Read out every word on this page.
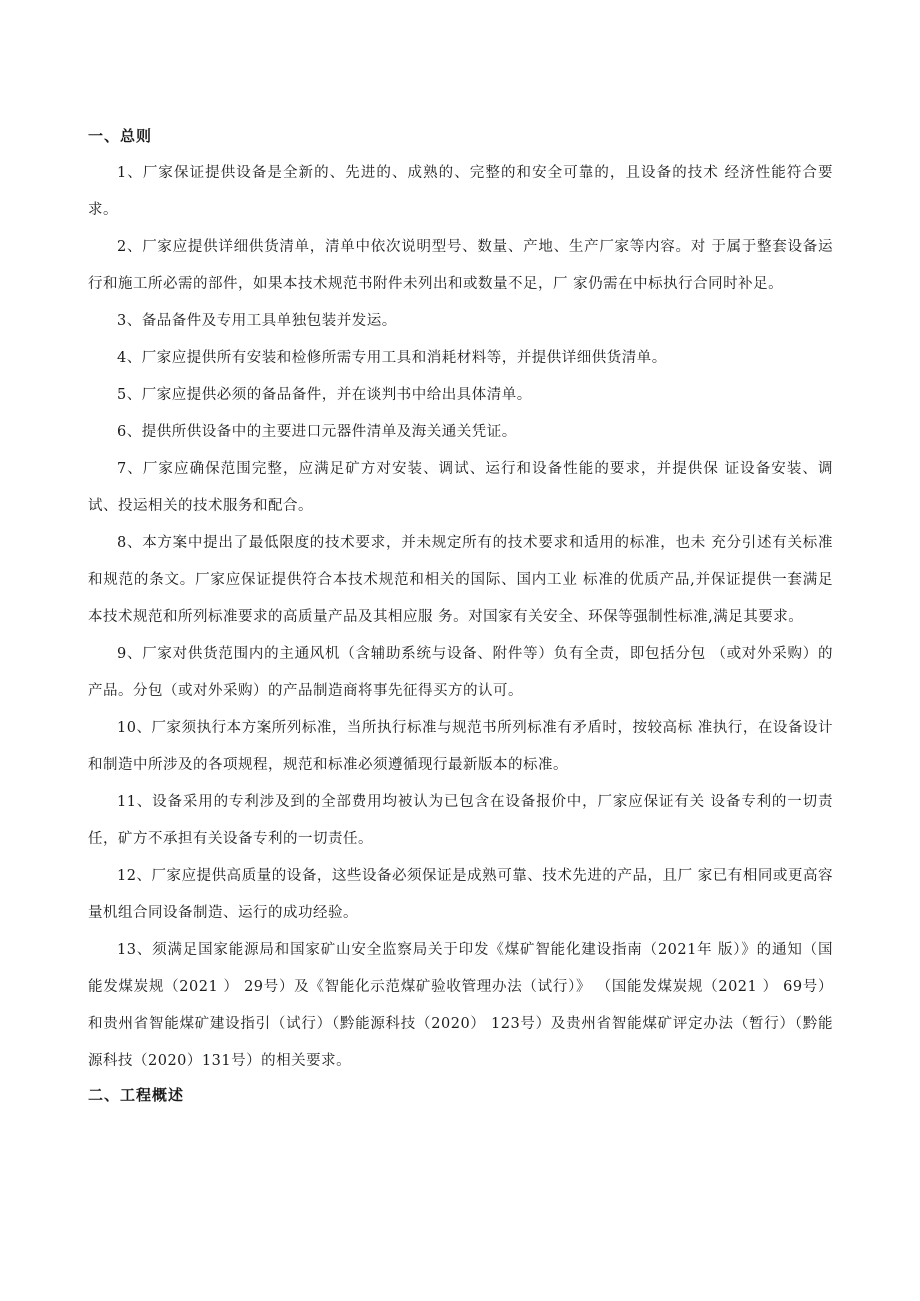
一、总则

1、厂家保证提供设备是全新的、先进的、成熟的、完整的和安全可靠的，且设备的技术 经济性能符合要求。

2、厂家应提供详细供货清单，清单中依次说明型号、数量、产地、生产厂家等内容。对 于属于整套设备运行和施工所必需的部件，如果本技术规范书附件未列出和或数量不足，厂 家仍需在中标执行合同时补足。

3、备品备件及专用工具单独包装并发运。

4、厂家应提供所有安装和检修所需专用工具和消耗材料等，并提供详细供货清单。

5、厂家应提供必须的备品备件，并在谈判书中给出具体清单。

6、提供所供设备中的主要进口元器件清单及海关通关凭证。

7、厂家应确保范围完整，应满足矿方对安装、调试、运行和设备性能的要求，并提供保 证设备安装、调试、投运相关的技术服务和配合。

8、本方案中提出了最低限度的技术要求，并未规定所有的技术要求和适用的标准，也未 充分引述有关标准和规范的条文。厂家应保证提供符合本技术规范和相关的国际、国内工业 标准的优质产品,并保证提供一套满足本技术规范和所列标准要求的高质量产品及其相应服 务。对国家有关安全、环保等强制性标准,满足其要求。

9、厂家对供货范围内的主通风机（含辅助系统与设备、附件等）负有全责，即包括分包 （或对外采购）的产品。分包（或对外采购）的产品制造商将事先征得买方的认可。

10、厂家须执行本方案所列标准，当所执行标准与规范书所列标准有矛盾时，按较高标 准执行，在设备设计和制造中所涉及的各项规程，规范和标准必须遵循现行最新版本的标准。

11、设备采用的专利涉及到的全部费用均被认为已包含在设备报价中，厂家应保证有关 设备专利的一切责任，矿方不承担有关设备专利的一切责任。

12、厂家应提供高质量的设备，这些设备必须保证是成熟可靠、技术先进的产品，且厂 家已有相同或更高容量机组合同设备制造、运行的成功经验。

13、须满足国家能源局和国家矿山安全监察局关于印发《煤矿智能化建设指南（2021年 版）》的通知（国能发煤炭规（2021 ） 29号）及《智能化示范煤矿验收管理办法（试行）》 （国能发煤炭规（2021 ） 69号）和贵州省智能煤矿建设指引（试行）（黔能源科技（2020） 123号）及贵州省智能煤矿评定办法（暂行）（黔能源科技（2020）131号）的相关要求。

二、工程概述
